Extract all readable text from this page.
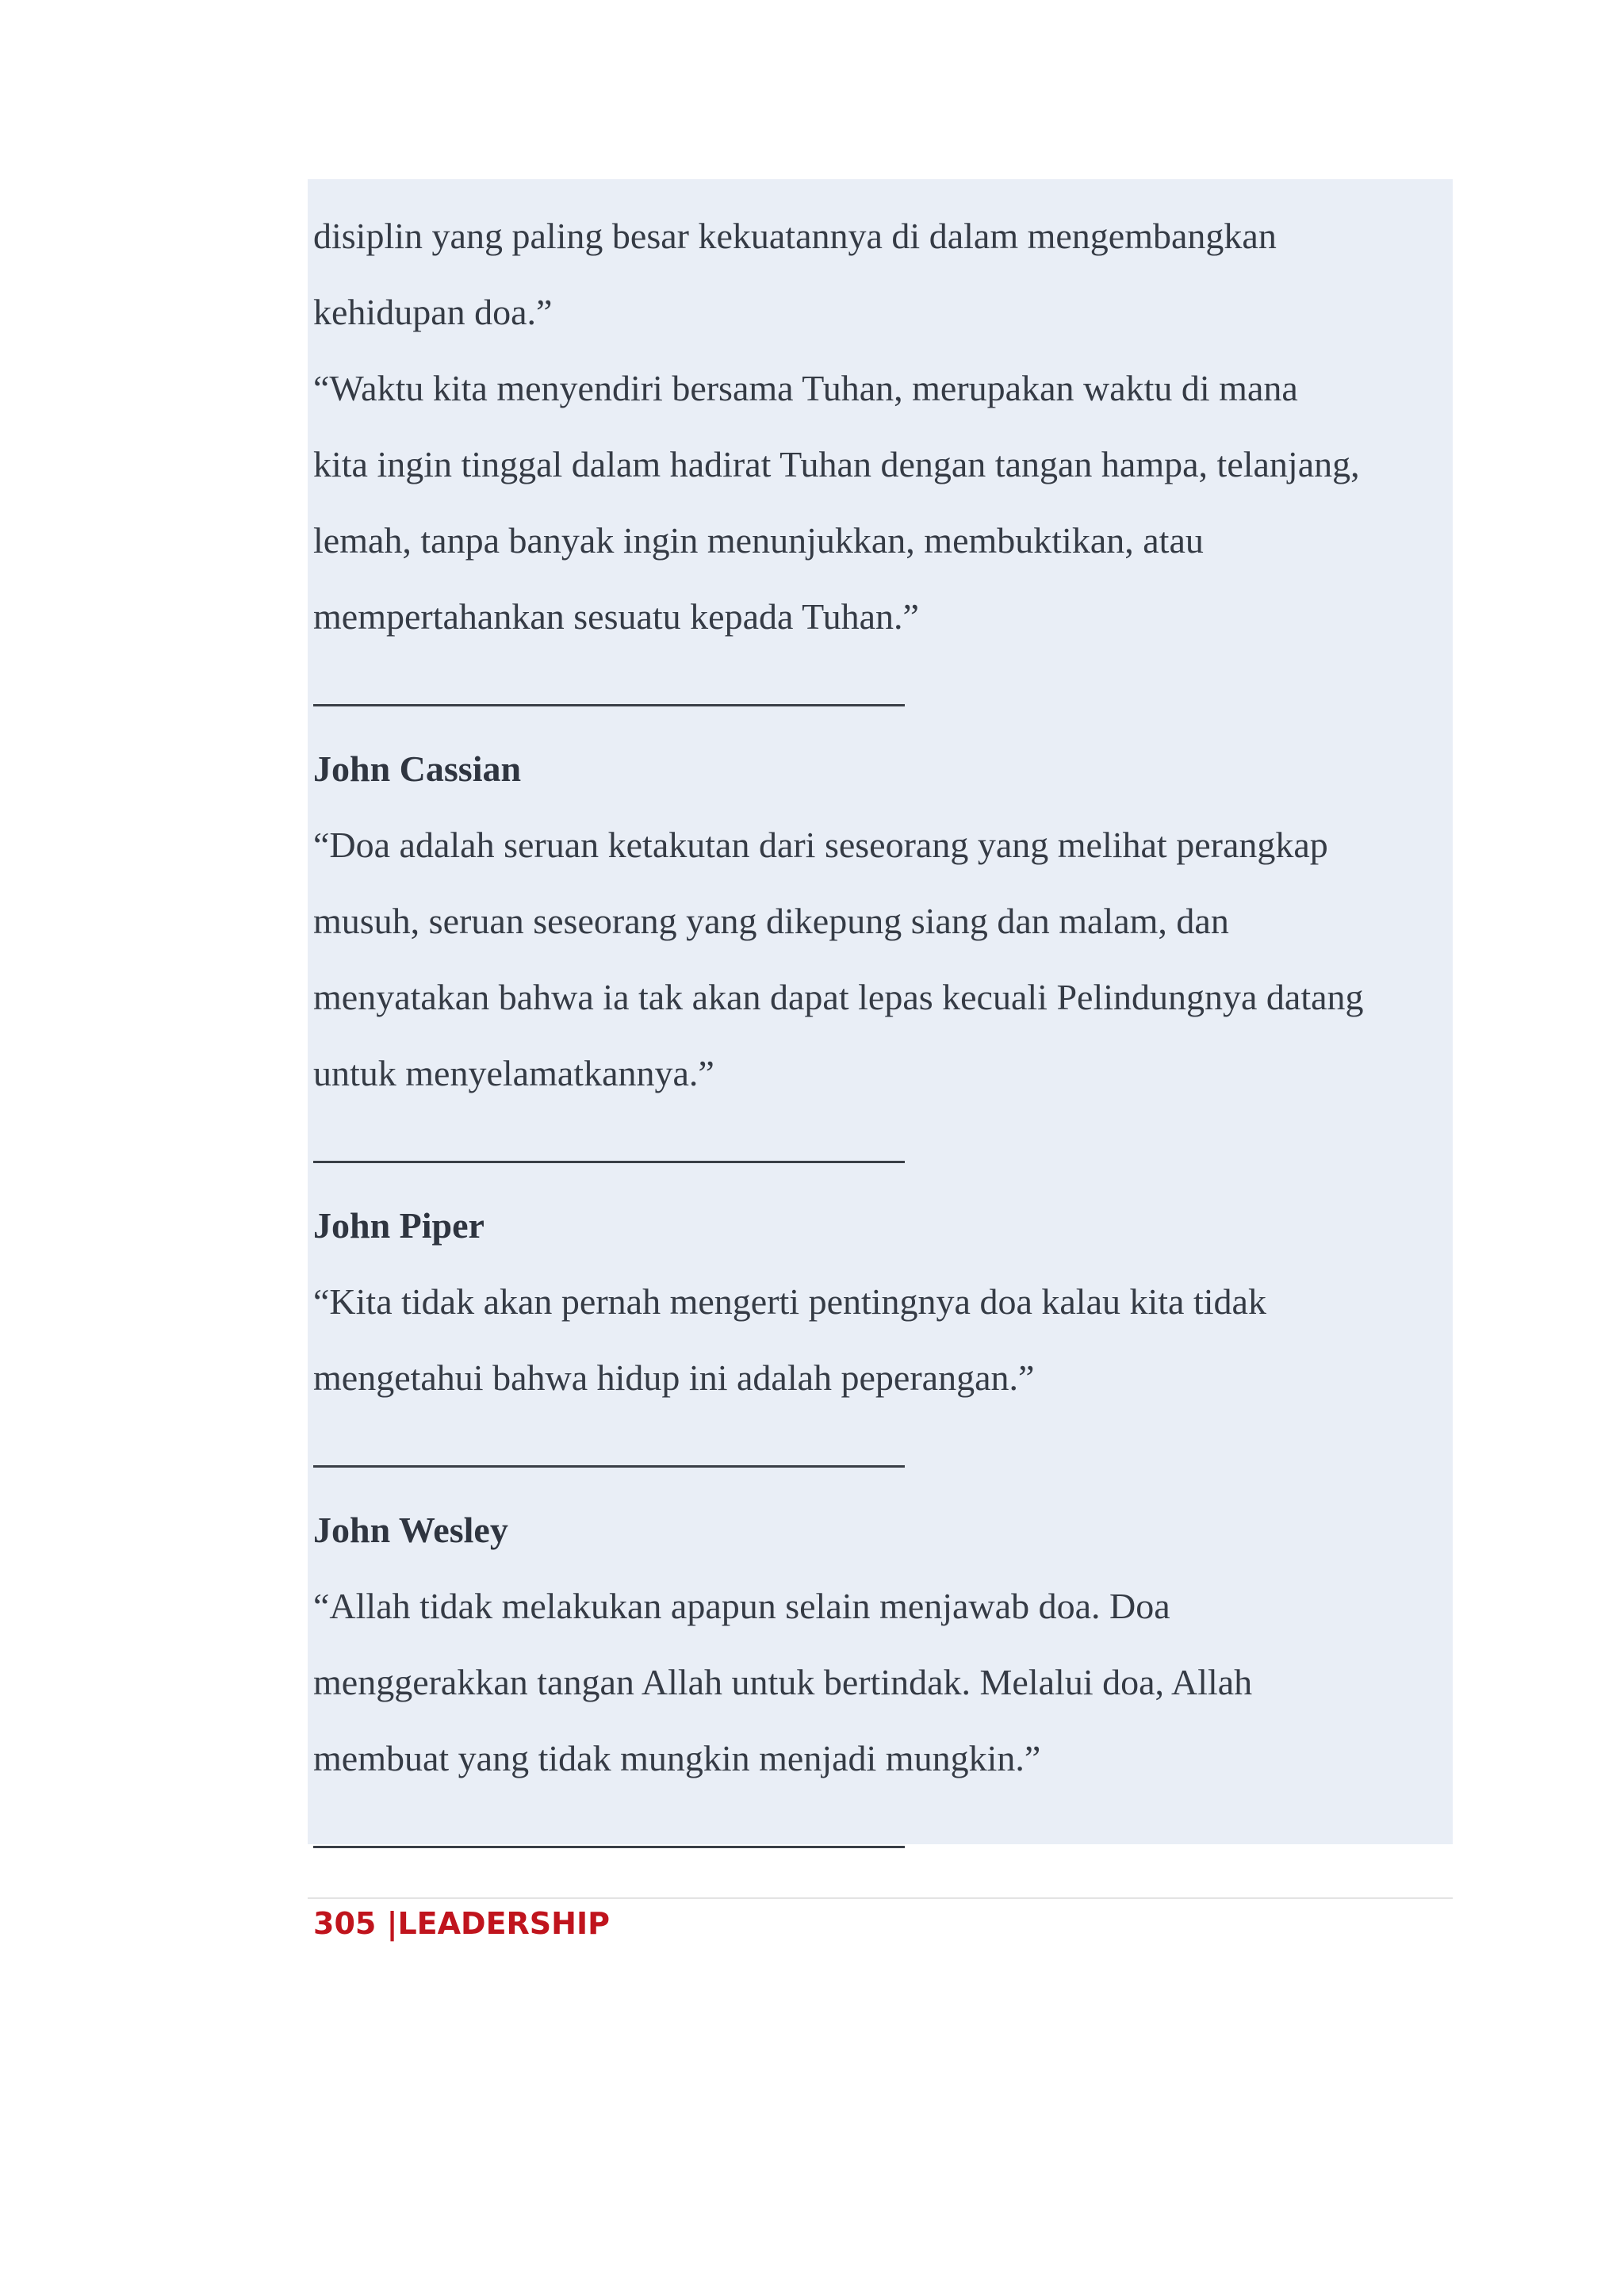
disiplin yang paling besar kekuatannya di dalam mengembangkan
kehidupan doa.”
“Waktu kita menyendiri bersama Tuhan, merupakan waktu di mana
kita ingin tinggal dalam hadirat Tuhan dengan tangan hampa, telanjang,
lemah, tanpa banyak ingin menunjukkan, membuktikan, atau
mempertahankan sesuatu kepada Tuhan.”
John Cassian
“Doa adalah seruan ketakutan dari seseorang yang melihat perangkap
musuh, seruan seseorang yang dikepung siang dan malam, dan
menyatakan bahwa ia tak akan dapat lepas kecuali Pelindungnya datang
untuk menyelamatkannya.”
John Piper
“Kita tidak akan pernah mengerti pentingnya doa kalau kita tidak
mengetahui bahwa hidup ini adalah peperangan.”
John Wesley
“Allah tidak melakukan apapun selain menjawab doa. Doa
menggerakkan tangan Allah untuk bertindak. Melalui doa, Allah
membuat yang tidak mungkin menjadi mungkin.”
305 |LEADERSHIP
